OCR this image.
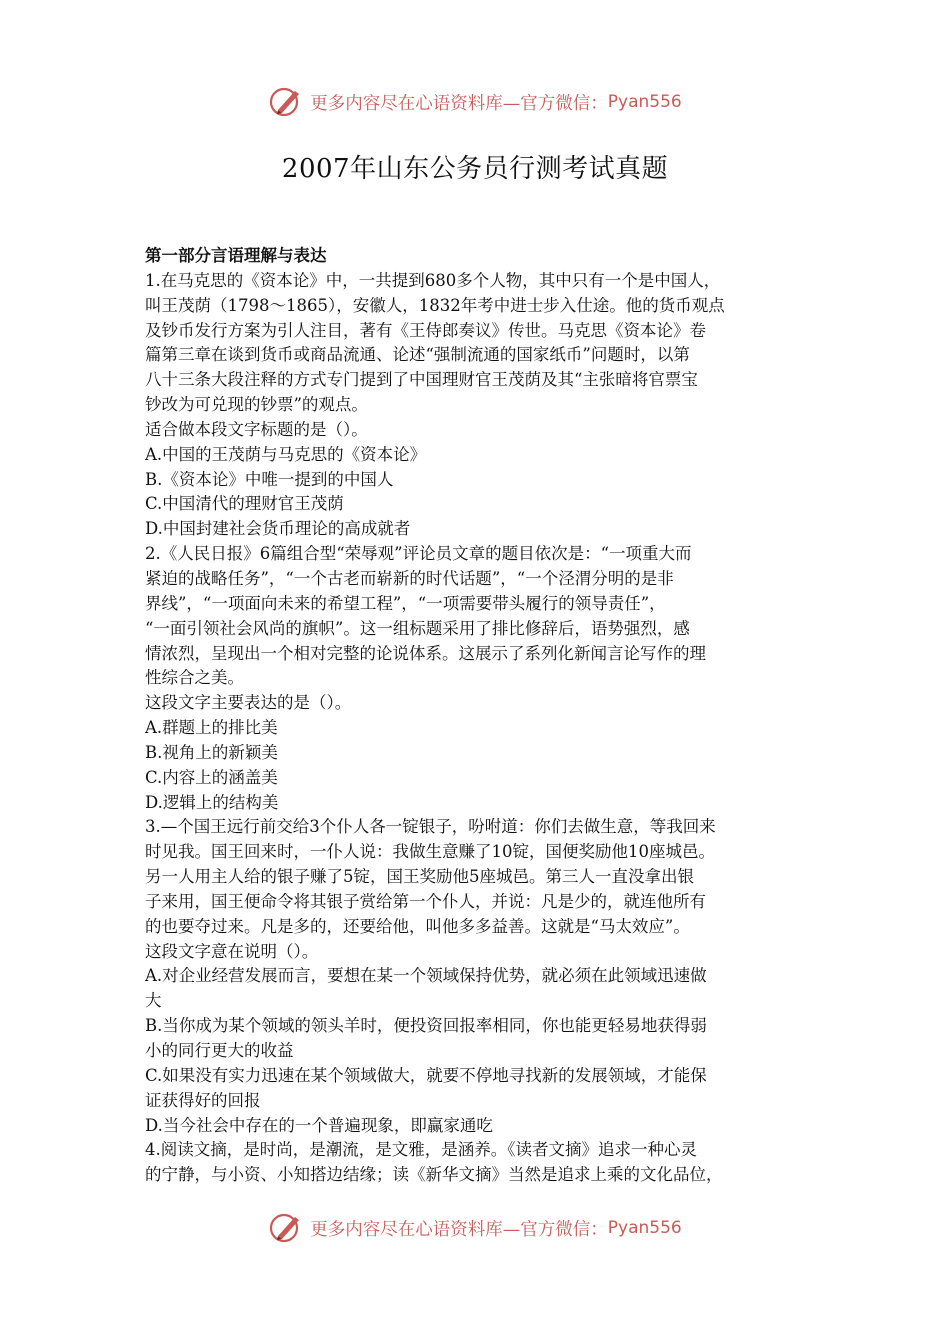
更多内容尽在心语资料库—官方微信： Pyan556
2007年山东公务员行测考试真题

第一部分言语理解与表达

1.在马克思的《资本论》中，一共提到680多个人物，其中只有一个是中国人，

叫王茂荫（1798～1865），安徽人，1832年考中进士步入仕途。他的货币观点

及钞币发行方案为引人注目，著有《王侍郎奏议》传世。马克思《资本论》卷

篇第三章在谈到货币或商品流通、论述“强制流通的国家纸币”问题时，以第

八十三条大段注释的方式专门提到了中国理财官王茂荫及其“主张暗将官票宝

钞改为可兑现的钞票”的观点。

适合做本段文字标题的是（）。

A.中国的王茂荫与马克思的《资本论》

B.《资本论》中唯一提到的中国人

C.中国清代的理财官王茂荫

D.中国封建社会货币理论的高成就者

2.《人民日报》6篇组合型“荣辱观”评论员文章的题目依次是：“一项重大而

紧迫的战略任务”，“一个古老而崭新的时代话题”，“一个泾渭分明的是非

界线”，“一项面向未来的希望工程”，“一项需要带头履行的领导责任”，

“一面引领社会风尚的旗帜”。这一组标题采用了排比修辞后，语势强烈，感

情浓烈，呈现出一个相对完整的论说体系。这展示了系列化新闻言论写作的理

性综合之美。

这段文字主要表达的是（）。

A.群题上的排比美

B.视角上的新颖美

C.内容上的涵盖美

D.逻辑上的结构美

3.—个国王远行前交给3个仆人各一锭银子，吩咐道：你们去做生意，等我回来

时见我。国王回来时，一仆人说：我做生意赚了10锭，国便奖励他10座城邑。

另一人用主人给的银子赚了5锭，国王奖励他5座城邑。第三人一直没拿出银

子来用，国王便命令将其银子赏给第一个仆人，并说：凡是少的，就连他所有

的也要夺过来。凡是多的，还要给他，叫他多多益善。这就是“马太效应”。

这段文字意在说明（）。

A.对企业经营发展而言，要想在某一个领域保持优势，就必须在此领域迅速做

大

B.当你成为某个领域的领头羊时，便投资回报率相同，你也能更轻易地获得弱

小的同行更大的收益

C.如果没有实力迅速在某个领域做大，就要不停地寻找新的发展领域，才能保

证获得好的回报

D.当今社会中存在的一个普遍现象，即赢家通吃

4.阅读文摘，是时尚，是潮流，是文雅，是涵养。《读者文摘》追求一种心灵

的宁静，与小资、小知搭边结缘；读《新华文摘》当然是追求上乘的文化品位，

更多内容尽在心语资料库—官方微信： Pyan556
